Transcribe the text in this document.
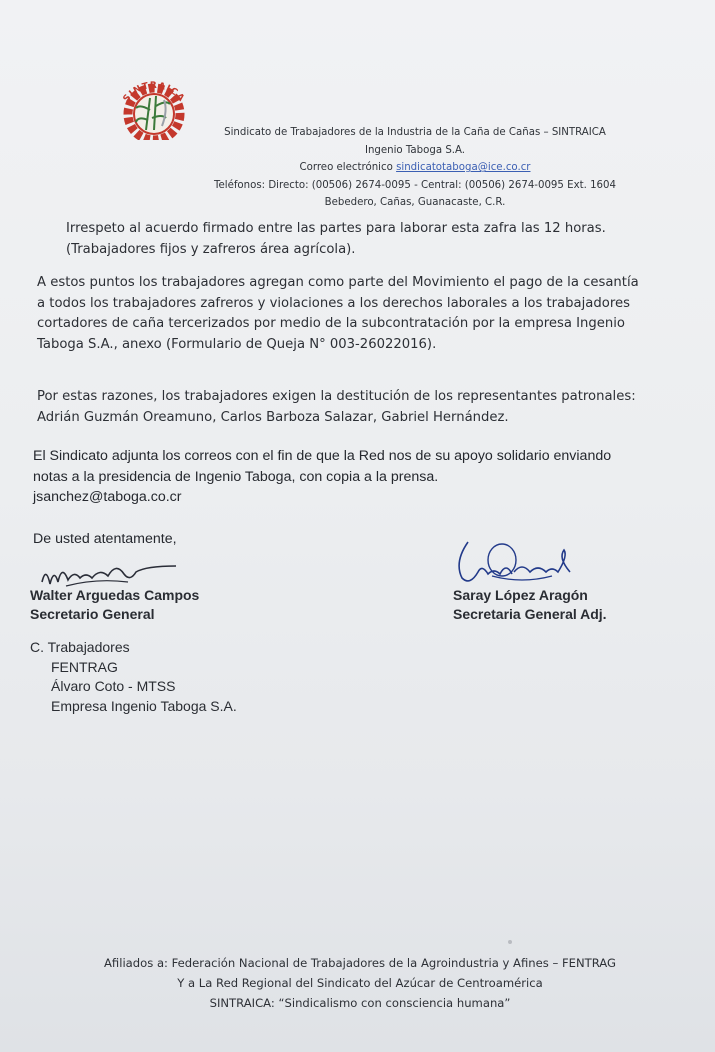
SINTRAICA
Sindicato de Trabajadores de la Industria de la Caña de Cañas – SINTRAICA
Ingenio Taboga S.A.
Correo electrónico sindicatotaboga@ice.co.cr
Teléfonos: Directo: (00506) 2674-0095 - Central: (00506) 2674-0095 Ext. 1604
Bebedero, Cañas, Guanacaste, C.R.
Irrespeto al acuerdo firmado entre las partes para laborar esta zafra las 12 horas.
(Trabajadores fijos y zafreros área agrícola).
A estos puntos los trabajadores agregan como parte del Movimiento el pago de la cesantía
a todos los trabajadores zafreros y violaciones a los derechos laborales a los trabajadores
cortadores de caña tercerizados por medio de la subcontratación por la empresa Ingenio
Taboga S.A., anexo (Formulario de Queja N° 003-26022016).
Por estas razones, los trabajadores exigen la destitución de los representantes patronales:
Adrián Guzmán Oreamuno, Carlos Barboza Salazar, Gabriel Hernández.
El Sindicato adjunta los correos con el fin de que la Red nos de su apoyo solidario enviando
notas a la presidencia de Ingenio Taboga, con copia a la prensa.
jsanchez@taboga.co.cr
De usted atentamente,
Walter Arguedas Campos
Secretario General
Saray López Aragón
Secretaria General Adj.
C. Trabajadores
FENTRAG
Álvaro Coto - MTSS
Empresa Ingenio Taboga S.A.
Afiliados a: Federación Nacional de Trabajadores de la Agroindustria y Afines – FENTRAG
Y a La Red Regional del Sindicato del Azúcar de Centroamérica
SINTRAICA: “Sindicalismo con consciencia humana”
